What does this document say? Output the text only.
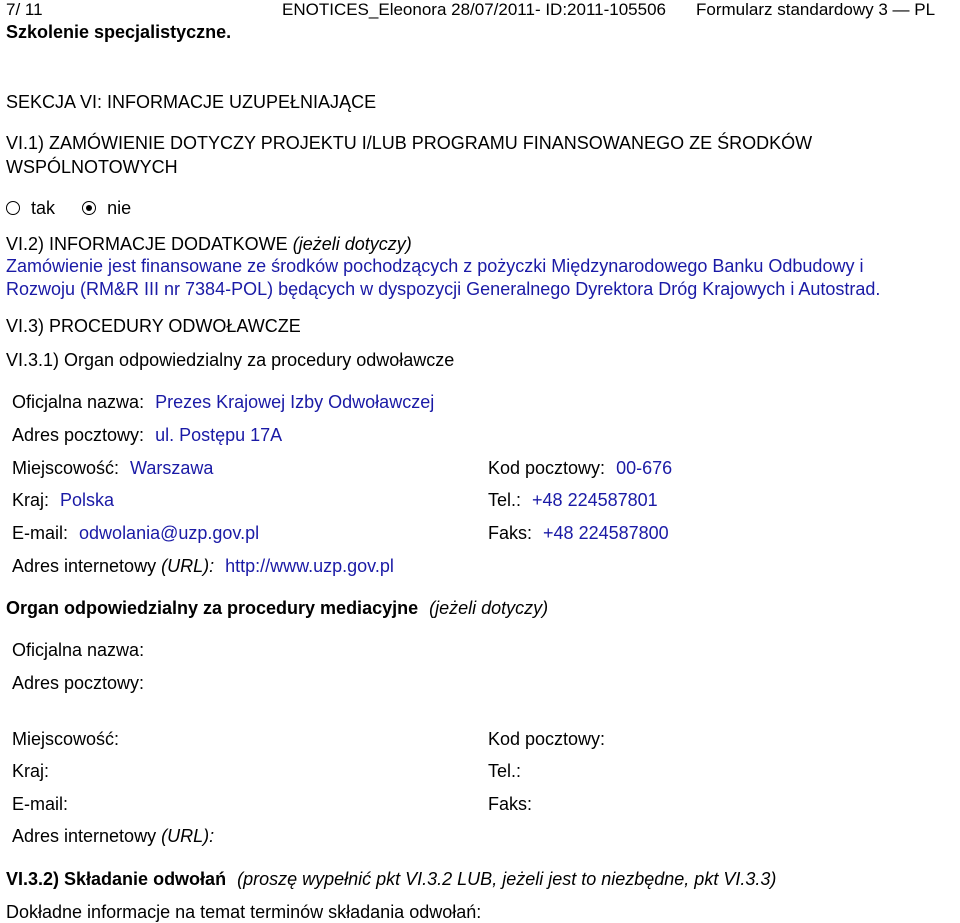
7/ 11	ENOTICES_Eleonora 28/07/2011- ID:2011-105506 Formularz standardowy 3 — PL
Szkolenie specjalistyczne.
SEKCJA VI: INFORMACJE UZUPEŁNIAJĄCE
VI.1) ZAMÓWIENIE DOTYCZY PROJEKTU I/LUB PROGRAMU FINANSOWANEGO ZE ŚRODKÓW
WSPÓLNOTOWYCH
tak	nie
VI.2) INFORMACJE DODATKOWE (jeżeli dotyczy)
Zamówienie jest finansowane ze środków pochodzących z pożyczki Międzynarodowego Banku Odbudowy i
Rozwoju (RM&R III nr 7384-POL) będących w dyspozycji Generalnego Dyrektora Dróg Krajowych i Autostrad.
VI.3) PROCEDURY ODWOŁAWCZE
VI.3.1) Organ odpowiedzialny za procedury odwoławcze
Oficjalna nazwa: Prezes Krajowej Izby Odwoławczej
Adres pocztowy: ul. Postępu 17A
Miejscowość: Warszawa	Kod pocztowy: 00-676
Kraj: Polska	Tel.: +48 224587801
E-mail: odwolania@uzp.gov.pl	Faks: +48 224587800
Adres internetowy (URL): http://www.uzp.gov.pl
Organ odpowiedzialny za procedury mediacyjne (jeżeli dotyczy)
Oficjalna nazwa:
Adres pocztowy:
Miejscowość:	Kod pocztowy:
Kraj:	Tel.:
E-mail:	Faks:
Adres internetowy (URL):
VI.3.2) Składanie odwołań (proszę wypełnić pkt VI.3.2 LUB, jeżeli jest to niezbędne, pkt VI.3.3)
Dokładne informacje na temat terminów składania odwołań:
